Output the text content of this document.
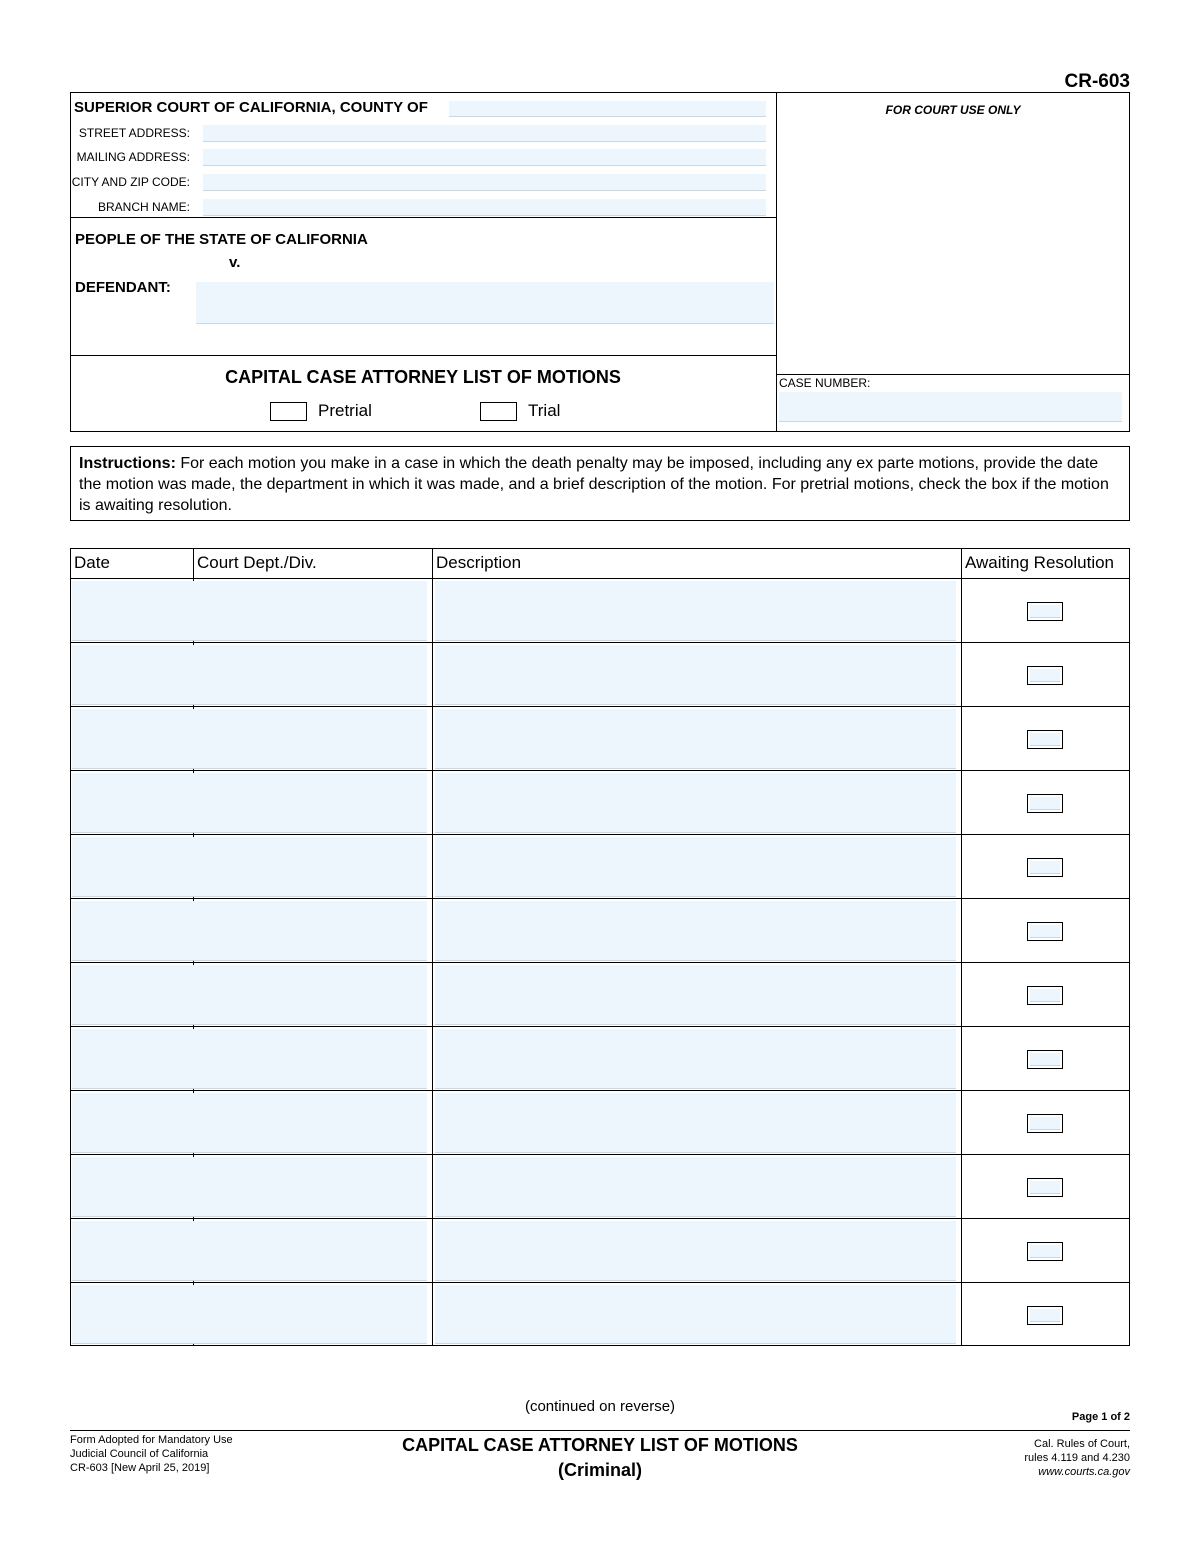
CR-603
SUPERIOR COURT OF CALIFORNIA, COUNTY OF
STREET ADDRESS:
MAILING ADDRESS:
CITY AND ZIP CODE:
BRANCH NAME:
PEOPLE OF THE STATE OF CALIFORNIA
v.
DEFENDANT:
CAPITAL CASE ATTORNEY LIST OF MOTIONS
Pretrial	Trial
FOR COURT USE ONLY
CASE NUMBER:
Instructions: For each motion you make in a case in which the death penalty may be imposed, including any ex parte motions, provide the date the motion was made, the department in which it was made, and a brief description of the motion. For pretrial motions, check the box if the motion is awaiting resolution.
Date	Court Dept./Div.	Description	Awaiting Resolution
(continued on reverse)
Page 1 of 2
Form Adopted for Mandatory Use
Judicial Council of California
CR-603 [New April 25, 2019]
CAPITAL CASE ATTORNEY LIST OF MOTIONS
(Criminal)
Cal. Rules of Court,
rules 4.119 and 4.230
www.courts.ca.gov
